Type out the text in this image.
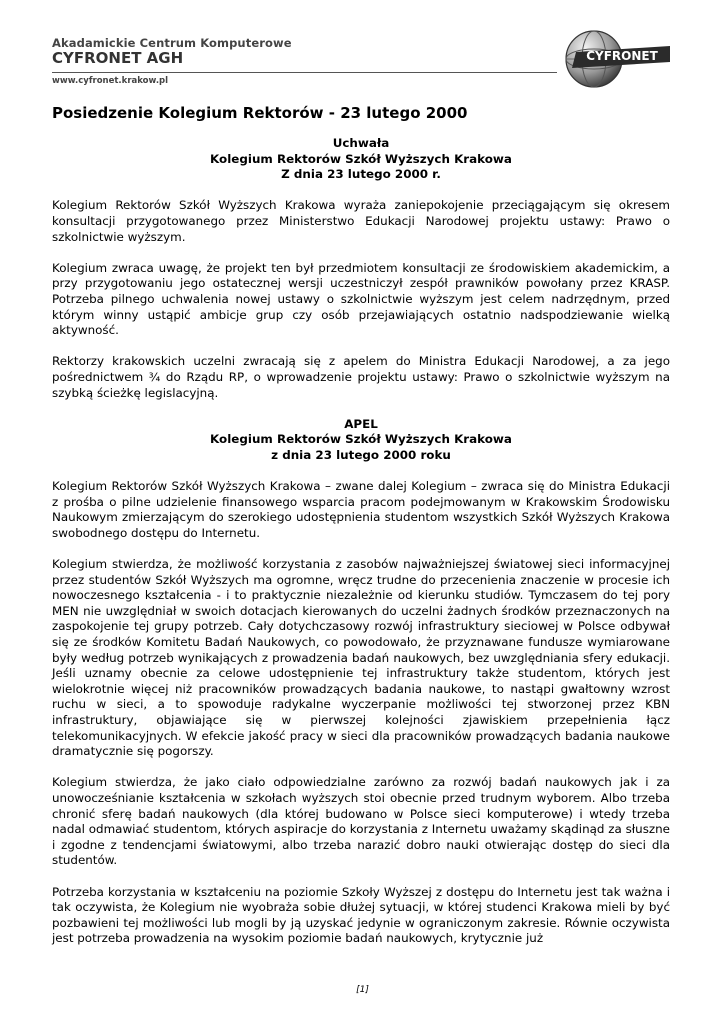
Akadamickie Centrum Komputerowe
CYFRONET AGH
www.cyfronet.krakow.pl
CYFRONET
Posiedzenie Kolegium Rektorów - 23 lutego 2000

Uchwała

Kolegium Rektorów Szkół Wyższych Krakowa

Z dnia 23 lutego 2000 r.

Kolegium Rektorów Szkół Wyższych Krakowa wyraża zaniepokojenie przeciągającym się okresem konsultacji przygotowanego przez Ministerstwo Edukacji Narodowej projektu ustawy: Prawo o szkolnictwie wyższym.

Kolegium zwraca uwagę, że projekt ten był przedmiotem konsultacji ze środowiskiem akademickim, a przy przygotowaniu jego ostatecznej wersji uczestniczył zespół prawników powołany przez KRASP. Potrzeba pilnego uchwalenia nowej ustawy o szkolnictwie wyższym jest celem nadrzędnym, przed którym winny ustąpić ambicje grup czy osób przejawiających ostatnio nadspodziewanie wielką aktywność.

Rektorzy krakowskich uczelni zwracają się z apelem do Ministra Edukacji Narodowej, a za jego pośrednictwem ¾ do Rządu RP, o wprowadzenie projektu ustawy: Prawo o szkolnictwie wyższym na szybką ścieżkę legislacyjną.

APEL

Kolegium Rektorów Szkół Wyższych Krakowa

z dnia 23 lutego 2000 roku

Kolegium Rektorów Szkół Wyższych Krakowa – zwane dalej Kolegium – zwraca się do Ministra Edukacji z prośba o pilne udzielenie finansowego wsparcia pracom podejmowanym w Krakowskim Środowisku Naukowym zmierzającym do szerokiego udostępnienia studentom wszystkich Szkół Wyższych Krakowa swobodnego dostępu do Internetu.

Kolegium stwierdza, że możliwość korzystania z zasobów najważniejszej światowej sieci informacyjnej przez studentów Szkół Wyższych ma ogromne, wręcz trudne do przecenienia znaczenie w procesie ich nowoczesnego kształcenia - i to praktycznie niezależnie od kierunku studiów. Tymczasem do tej pory MEN nie uwzględniał w swoich dotacjach kierowanych do uczelni żadnych środków przeznaczonych na zaspokojenie tej grupy potrzeb. Cały dotychczasowy rozwój infrastruktury sieciowej w Polsce odbywał się ze środków Komitetu Badań Naukowych, co powodowało, że przyznawane fundusze wymiarowane były według potrzeb wynikających z prowadzenia badań naukowych, bez uwzględniania sfery edukacji. Jeśli uznamy obecnie za celowe udostępnienie tej infrastruktury także studentom, których jest wielokrotnie więcej niż pracowników prowadzących badania naukowe, to nastąpi gwałtowny wzrost ruchu w sieci, a to spowoduje radykalne wyczerpanie możliwości tej stworzonej przez KBN infrastruktury, objawiające się w pierwszej kolejności zjawiskiem przepełnienia łącz telekomunikacyjnych. W efekcie jakość pracy w sieci dla pracowników prowadzących badania naukowe dramatycznie się pogorszy.

Kolegium stwierdza, że jako ciało odpowiedzialne zarówno za rozwój badań naukowych jak i za unowocześnianie kształcenia w szkołach wyższych stoi obecnie przed trudnym wyborem. Albo trzeba chronić sferę badań naukowych (dla której budowano w Polsce sieci komputerowe) i wtedy trzeba nadal odmawiać studentom, których aspiracje do korzystania z Internetu uważamy skądinąd za słuszne i zgodne z tendencjami światowymi, albo trzeba narazić dobro nauki otwierając dostęp do sieci dla studentów.

Potrzeba korzystania w kształceniu na poziomie Szkoły Wyższej z dostępu do Internetu jest tak ważna i tak oczywista, że Kolegium nie wyobraża sobie dłużej sytuacji, w której studenci Krakowa mieli by być pozbawieni tej możliwości lub mogli by ją uzyskać jedynie w ograniczonym zakresie. Równie oczywista jest potrzeba prowadzenia na wysokim poziomie badań naukowych, krytycznie już

[1]
